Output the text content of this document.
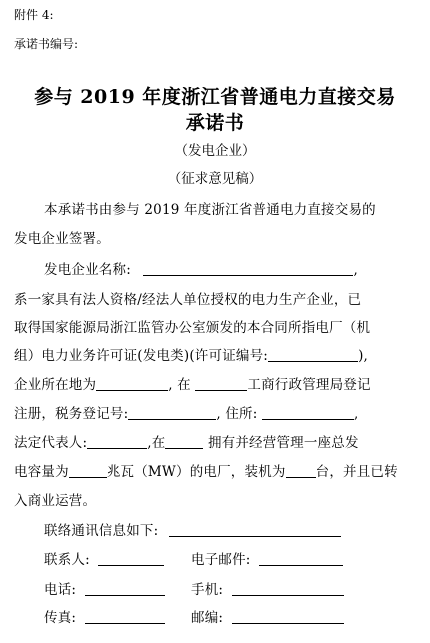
附件 4:
承诺书编号:
参与 2019 年度浙江省普通电力直接交易
承诺书
（发电企业）
（征求意见稿）
本承诺书由参与 2019 年度浙江省普通电力直接交易的
发电企业签署。
发电企业名称:	,
系一家具有法人资格/经法人单位授权的电力生产企业，已
取得国家能源局浙江监管办公室颁发的本合同所指电厂（机
组）电力业务许可证(发电类)(许可证编号:	),
企业所在地为	, 在	工商行政管理局登记
注册，税务登记号:	, 住所:	,
法定代表人:	,在	拥有并经营管理一座总发
电容量为	兆瓦（MW）的电厂，装机为 台，并且已转
入商业运营。
联络通讯信息如下:
联系人:	电子邮件:
电话:	手机:
传真:	邮编:
